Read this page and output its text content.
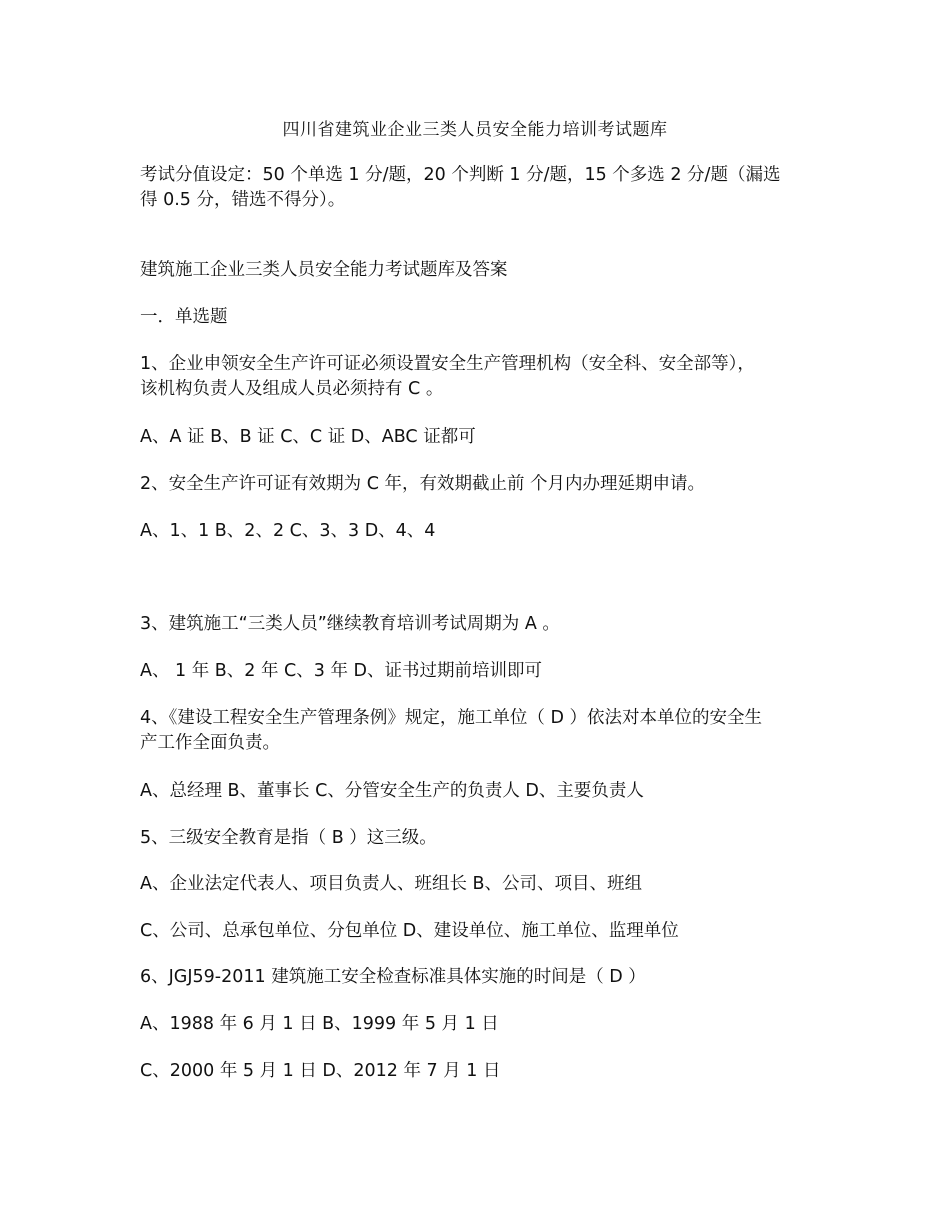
四川省建筑业企业三类人员安全能力培训考试题库
考试分值设定：50 个单选 1 分/题，20 个判断 1 分/题，15 个多选 2 分/题（漏选
得 0.5 分，错选不得分）。
建筑施工企业三类人员安全能力考试题库及答案
一．单选题
1、企业申领安全生产许可证必须设置安全生产管理机构（安全科、安全部等），
该机构负责人及组成人员必须持有 C 。
A、A 证 B、B 证 C、C 证 D、ABC 证都可
2、安全生产许可证有效期为 C 年，有效期截止前 个月内办理延期申请。
A、1、1 B、2、2 C、3、3 D、4、4
3、建筑施工“三类人员”继续教育培训考试周期为 A 。
A、 1 年 B、2 年 C、3 年 D、证书过期前培训即可
4、《建设工程安全生产管理条例》规定，施工单位（ D ）依法对本单位的安全生
产工作全面负责。
A、总经理 B、董事长 C、分管安全生产的负责人 D、主要负责人
5、三级安全教育是指（ B ）这三级。
A、企业法定代表人、项目负责人、班组长 B、公司、项目、班组
C、公司、总承包单位、分包单位 D、建设单位、施工单位、监理单位
6、JGJ59-2011 建筑施工安全检查标准具体实施的时间是（ D ）
A、1988 年 6 月 1 日 B、1999 年 5 月 1 日
C、2000 年 5 月 1 日 D、2012 年 7 月 1 日
